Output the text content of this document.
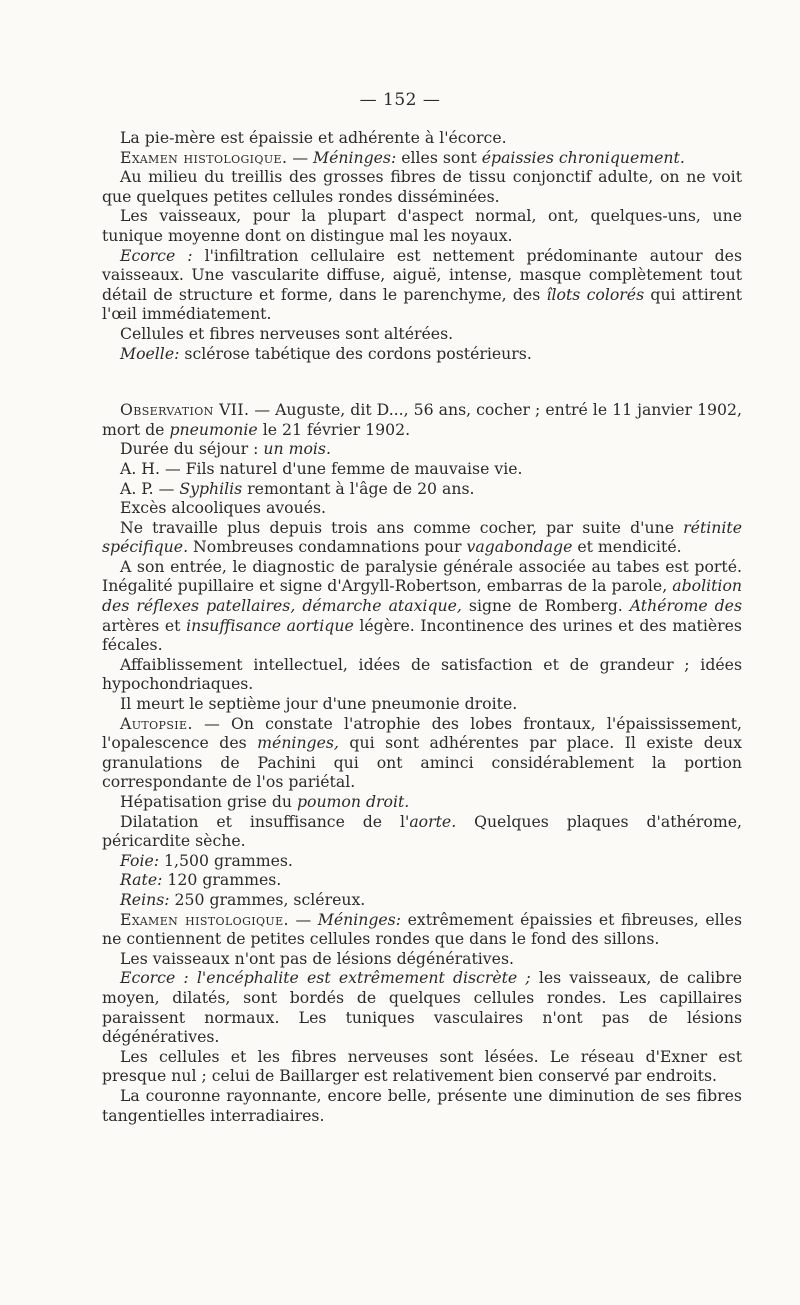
— 152 —

La pie-mère est épaissie et adhérente à l'écorce.

Examen histologique. — Méninges: elles sont épaissies chroniquement.

Au milieu du treillis des grosses fibres de tissu conjonctif adulte, on ne voit que quelques petites cellules rondes disséminées.

Les vaisseaux, pour la plupart d'aspect normal, ont, quelques-uns, une tunique moyenne dont on distingue mal les noyaux.

Ecorce : l'infiltration cellulaire est nettement prédominante autour des vaisseaux. Une vascularite diffuse, aiguë, intense, masque complètement tout détail de structure et forme, dans le parenchyme, des îlots colorés qui attirent l'œil immédiatement.

Cellules et fibres nerveuses sont altérées.

Moelle: sclérose tabétique des cordons postérieurs.

Observation VII. — Auguste, dit D..., 56 ans, cocher ; entré le 11 janvier 1902, mort de pneumonie le 21 février 1902.

Durée du séjour : un mois.

A. H. — Fils naturel d'une femme de mauvaise vie.

A. P. — Syphilis remontant à l'âge de 20 ans.

Excès alcooliques avoués.

Ne travaille plus depuis trois ans comme cocher, par suite d'une rétinite spécifique. Nombreuses condamnations pour vagabondage et mendicité.

A son entrée, le diagnostic de paralysie générale associée au tabes est porté. Inégalité pupillaire et signe d'Argyll-Robertson, embarras de la parole, abolition des réflexes patellaires, démarche ataxique, signe de Romberg. Athérome des artères et insuffisance aortique légère. Incontinence des urines et des matières fécales.

Affaiblissement intellectuel, idées de satisfaction et de grandeur ; idées hypochondriaques.

Il meurt le septième jour d'une pneumonie droite.

Autopsie. — On constate l'atrophie des lobes frontaux, l'épaississement, l'opalescence des méninges, qui sont adhérentes par place. Il existe deux granulations de Pachini qui ont aminci considérablement la portion correspondante de l'os pariétal.

Hépatisation grise du poumon droit.

Dilatation et insuffisance de l'aorte. Quelques plaques d'athérome, péricardite sèche.

Foie: 1,500 grammes.

Rate: 120 grammes.

Reins: 250 grammes, scléreux.

Examen histologique. — Méninges: extrêmement épaissies et fibreuses, elles ne contiennent de petites cellules rondes que dans le fond des sillons.

Les vaisseaux n'ont pas de lésions dégénératives.

Ecorce : l'encéphalite est extrêmement discrète ; les vaisseaux, de calibre moyen, dilatés, sont bordés de quelques cellules rondes. Les capillaires paraissent normaux. Les tuniques vasculaires n'ont pas de lésions dégénératives.

Les cellules et les fibres nerveuses sont lésées. Le réseau d'Exner est presque nul ; celui de Baillarger est relativement bien conservé par endroits.

La couronne rayonnante, encore belle, présente une diminution de ses fibres tangentielles interradiaires.
